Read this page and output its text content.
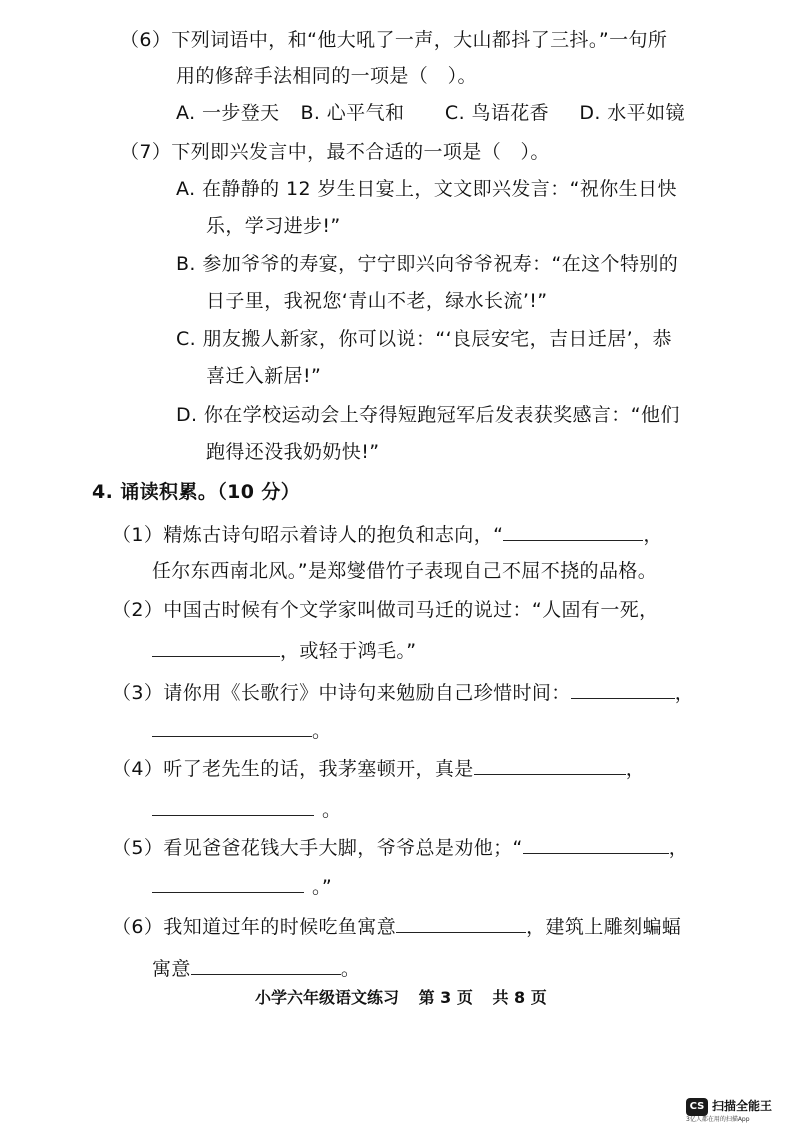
（6）下列词语中，和“他大吼了一声，大山都抖了三抖。”一句所
用的修辞手法相同的一项是（　）。
A. 一步登天 B. 心平气和 C. 鸟语花香 D. 水平如镜
（7）下列即兴发言中，最不合适的一项是（　）。
A. 在静静的 12 岁生日宴上，文文即兴发言：“祝你生日快
乐，学习进步!”
B. 参加爷爷的寿宴，宁宁即兴向爷爷祝寿：“在这个特别的
日子里，我祝您‘青山不老，绿水长流’!”
C. 朋友搬人新家，你可以说：“‘良辰安宅，吉日迁居’，恭
喜迁入新居!”
D. 你在学校运动会上夺得短跑冠军后发表获奖感言：“他们
跑得还没我奶奶快!”
4. 诵读积累。（10 分）
（1）精炼古诗句昭示着诗人的抱负和志向，“	，
任尔东西南北风。”是郑燮借竹子表现自己不屈不挠的品格。
（2）中国古时候有个文学家叫做司马迁的说过：“人固有一死，
，或轻于鸿毛。”
（3）请你用《长歌行》中诗句来勉励自己珍惜时间：	，
。
（4）听了老先生的话，我茅塞顿开，真是	，
。
（5）看见爸爸花钱大手大脚，爷爷总是劝他；“	，
。”
（6）我知道过年的时候吃鱼寓意	，建筑上雕刻蝙蝠
寓意	。
小学六年级语文练习 第 3 页 共 8 页
CS 扫描全能王
3亿人都在用的扫描App
